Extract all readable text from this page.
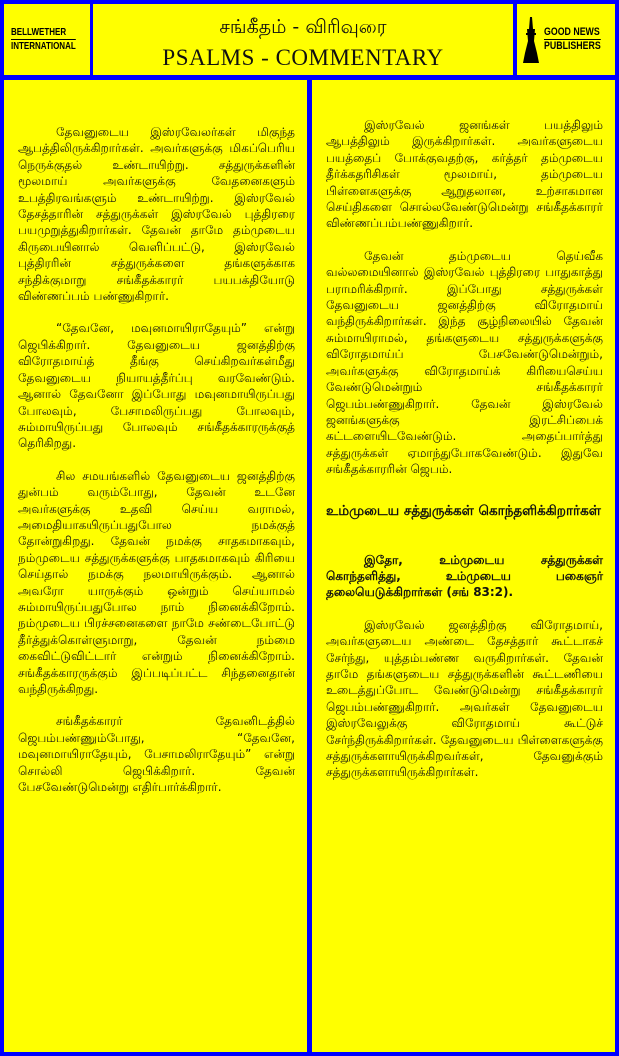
BELLWETHER
INTERNATIONAL
சங்கீதம் - விரிவுரை
PSALMS - COMMENTARY
GOOD NEWS
PUBLISHERS

தேவனுடைய இஸ்ரவேலர்கள் மிகுந்த ஆபத்திலிருக்கிறார்கள். அவர்களுக்கு மிகப்பெரிய நெருக்குதல் உண்டாயிற்று. சத்துருக்களின் மூலமாய் அவர்களுக்கு வேதனைகளும் உபத்திரவங்களும் உண்டாயிற்று. இஸ்ரவேல் தேசத்தாரின் சத்துருக்கள் இஸ்ரவேல் புத்திரரை பயமுறுத்துகிறார்கள். தேவன் தாமே தம்முடைய கிருபையினால் வெளிப்பட்டு, இஸ்ரவேல் புத்திரரின் சத்துருக்களை தங்களுக்காக சந்திக்குமாறு சங்கீதக்காரர் பயபக்தியோடு விண்ணப்பம் பண்ணுகிறார்.

“தேவனே, மவுனமாயிராதேயும்” என்று ஜெபிக்கிறார். தேவனுடைய ஜனத்திற்கு விரோதமாய்த் தீங்கு செய்கிறவர்கள்மீது தேவனுடைய நியாயத்தீர்ப்பு வரவேண்டும். ஆனால் தேவனோ இப்போது மவுனமாயிருப்பது போலவும், பேசாமலிருப்பது போலவும், சும்மாயிருப்பது போலவும் சங்கீதக்காரருக்குத் தெரிகிறது.

சில சமயங்களில் தேவனுடைய ஜனத்திற்கு துன்பம் வரும்போது, தேவன் உடனே அவர்களுக்கு உதவி செய்ய வராமல், அமைதியாகயிருப்பதுபோல நமக்குத் தோன்றுகிறது. தேவன் நமக்கு சாதகமாகவும், நம்முடைய சத்துருக்களுக்கு பாதகமாகவும் கிரியை செய்தால் நமக்கு நலமாயிருக்கும். ஆனால் அவரோ யாருக்கும் ஒன்றும் செய்யாமல் சும்மாயிருப்பதுபோல நாம் நினைக்கிறோம். நம்முடைய பிரச்சனைகளை நாமே சண்டைபோட்டு தீர்த்துக்கொள்ளுமாறு, தேவன் நம்மை கைவிட்டுவிட்டார் என்றும் நினைக்கிறோம். சங்கீதக்காரருக்கும் இப்படிப்பட்ட சிந்தனைதான் வந்திருக்கிறது.

சங்கீதக்காரர் தேவனிடத்தில் ஜெபம்பண்ணும்போது, “தேவனே, மவுனமாயிராதேயும், பேசாமலிராதேயும்” என்று சொல்லி ஜெபிக்கிறார். தேவன் பேசவேண்டுமென்று எதிர்பார்க்கிறார்.

இஸ்ரவேல் ஜனங்கள் பயத்திலும் ஆபத்திலும் இருக்கிறார்கள். அவர்களுடைய பயத்தைப் போக்குவதற்கு, கர்த்தர் தம்முடைய தீர்க்கதரிசிகள் மூலமாய், தம்முடைய பிள்ளைகளுக்கு ஆறுதலான, உற்சாகமான செய்திகளை சொல்லவேண்டுமென்று சங்கீதக்காரர் விண்ணப்பம்பண்ணுகிறார்.

தேவன் தம்முடைய தெய்வீக வல்லமையினால் இஸ்ரவேல் புத்திரரை பாதுகாத்து பராமரிக்கிறார். இப்போது சத்துருக்கள் தேவனுடைய ஜனத்திற்கு விரோதமாய் வந்திருக்கிறார்கள். இந்த சூழ்நிலையில் தேவன் சும்மாயிராமல், தங்களுடைய சத்துருக்களுக்கு விரோதமாய்ப் பேசவேண்டுமென்றும், அவர்களுக்கு விரோதமாய்க் கிரியைசெய்ய வேண்டுமென்றும் சங்கீதக்காரர் ஜெபம்பண்ணுகிறார். தேவன் இஸ்ரவேல் ஜனங்களுக்கு இரட்சிப்பைக் கட்டளையிடவேண்டும். அதைப்பார்த்து சத்துருக்கள் ஏமாந்துபோகவேண்டும். இதுவே சங்கீதக்காரரின் ஜெபம்.

உம்முடைய சத்துருக்கள் கொந்தளிக்கிறார்கள்

இதோ, உம்முடைய சத்துருக்கள் கொந்தளித்து, உம்முடைய பகைஞர் தலையெடுக்கிறார்கள் (சங் 83:2).

இஸ்ரவேல் ஜனத்திற்கு விரோதமாய், அவர்களுடைய அண்டை தேசத்தார் கூட்டாகச் சேர்ந்து, யுத்தம்பண்ண வருகிறார்கள். தேவன் தாமே தங்களுடைய சத்துருக்களின் கூட்டணியை உடைத்துப்போட வேண்டுமென்று சங்கீதக்காரர் ஜெபம்பண்ணுகிறார். அவர்கள் தேவனுடைய இஸ்ரவேலுக்கு விரோதமாய் கூட்டுச் சேர்ந்திருக்கிறார்கள். தேவனுடைய பிள்ளைகளுக்கு சத்துருக்களாயிருக்கிறவர்கள், தேவனுக்கும் சத்துருக்களாயிருக்கிறார்கள்.
